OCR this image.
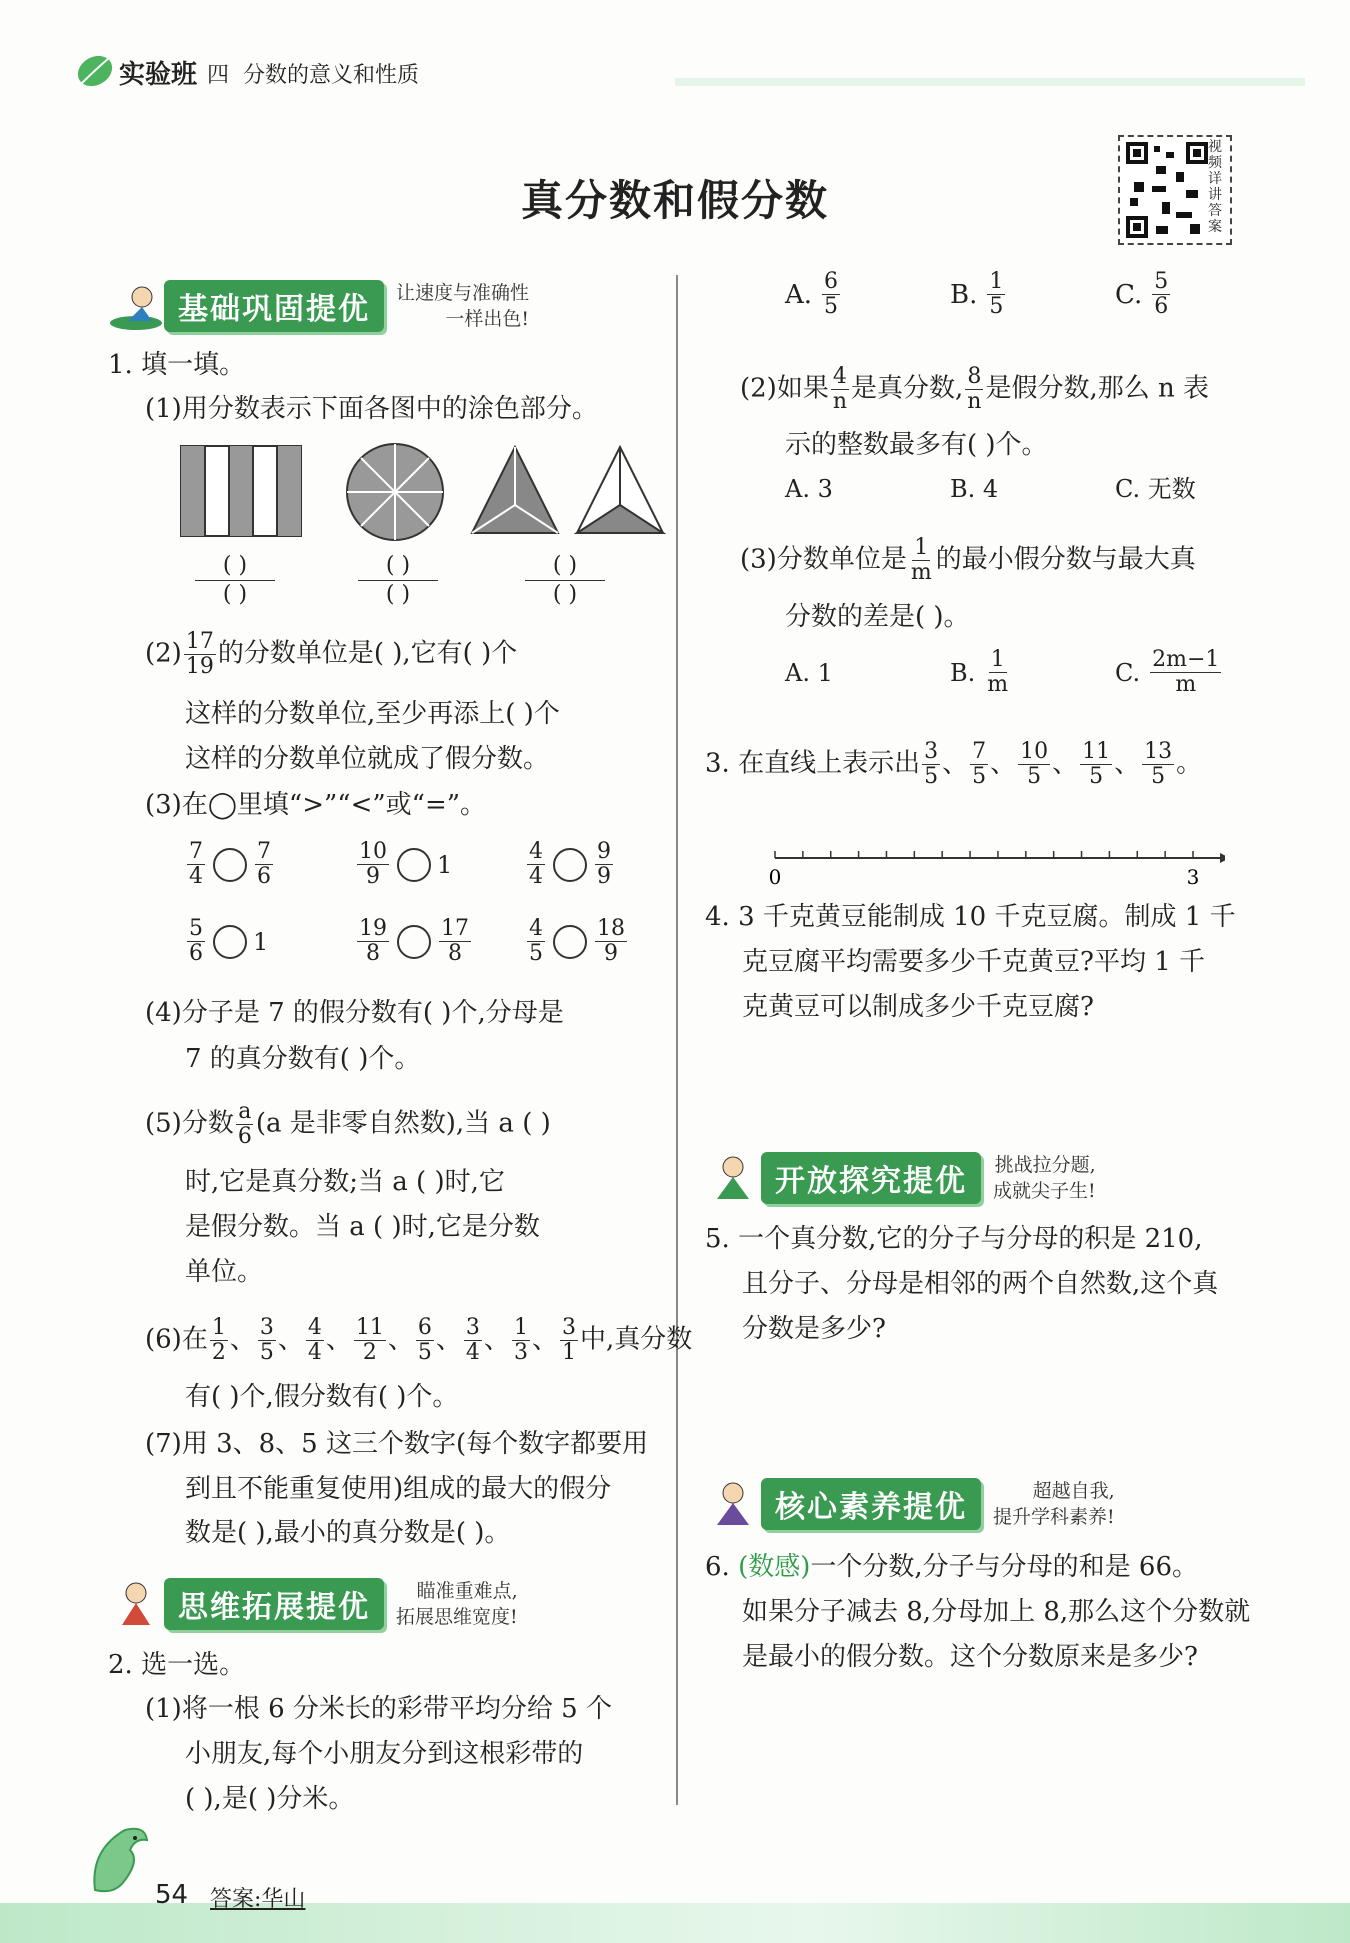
实验班 四 分数的意义和性质
视频详讲答案
真分数和假分数
基础巩固提优	让速度与准确性
一样出色!
1. 填一填。
(1)用分数表示下面各图中的涂色部分。
( )
( )
( )
( )
( )
( )
$(2) \frac{17}{19}$ 的分数单位是( ),它有( )个
这样的分数单位,至少再添上( )个
这样的分数单位就成了假分数。
(3)在◯里填“>”“<”或“=”。
$\frac{7}{4} \frac{7}{6}$	$\frac{10}{9} 1$	$\frac{4}{4} \frac{9}{9}$
$\frac{5}{6} 1$	$\frac{19}{8} \frac{17}{8}$	$\frac{4}{5} \frac{18}{9}$
(4)分子是 7 的假分数有( )个,分母是
7 的真分数有( )个。
(5)分数 $\frac{a}{6} (a$ 是非零自然数),当 a ( )
时,它是真分数;当 a ( )时,它
是假分数。当 a ( )时,它是分数
单位。
(6)在 $\frac{1}{2}$ 、 $\frac{3}{5}$ 、 $\frac{4}{4}$ 、 $\frac{11}{2}$ 、 $\frac{6}{5}$ 、 $\frac{3}{4}$ 、 $\frac{1}{3}$ 、 $\frac{3}{1}$ 中,真分数
有( )个,假分数有( )个。
(7)用 3、8、5 这三个数字(每个数字都要用
到且不能重复使用)组成的最大的假分
数是( ),最小的真分数是( )。
思维拓展提优	瞄准重难点,
拓展思维宽度!
2. 选一选。
(1)将一根 6 分米长的彩带平均分给 5 个
小朋友,每个小朋友分到这根彩带的
( ),是( )分米。
A. $\frac{6}{5}$	B. $\frac{1}{5}$	C. $\frac{5}{6}$
(2)如果 $\frac{4}{n}$ 是真分数, $\frac{8}{n}$ 是假分数,那么 n 表
示的整数最多有( )个。
A. 3	B. 4	C. 无数
(3)分数单位是 $\frac{1}{m}$ 的最小假分数与最大真
分数的差是( )。
A. 1	B. $\frac{1}{m}$	C. $\frac{2m-1}{m}$
3. 在直线上表示出 $\frac{3}{5}$ 、 $\frac{7}{5}$ 、 $\frac{10}{5}$ 、 $\frac{11}{5}$ 、 $\frac{13}{5}$ 。
0	3
4. 3 千克黄豆能制成 10 千克豆腐。制成 1 千
克豆腐平均需要多少千克黄豆?平均 1 千
克黄豆可以制成多少千克豆腐?
开放探究提优	挑战拉分题,
成就尖子生!
5. 一个真分数,它的分子与分母的积是 210,
且分子、分母是相邻的两个自然数,这个真
分数是多少?
核心素养提优	超越自我,
提升学科素养!
6. (数感)一个分数,分子与分母的和是 66。
如果分子减去 8,分母加上 8,那么这个分数就
是最小的假分数。这个分数原来是多少?
54 答案:华山
